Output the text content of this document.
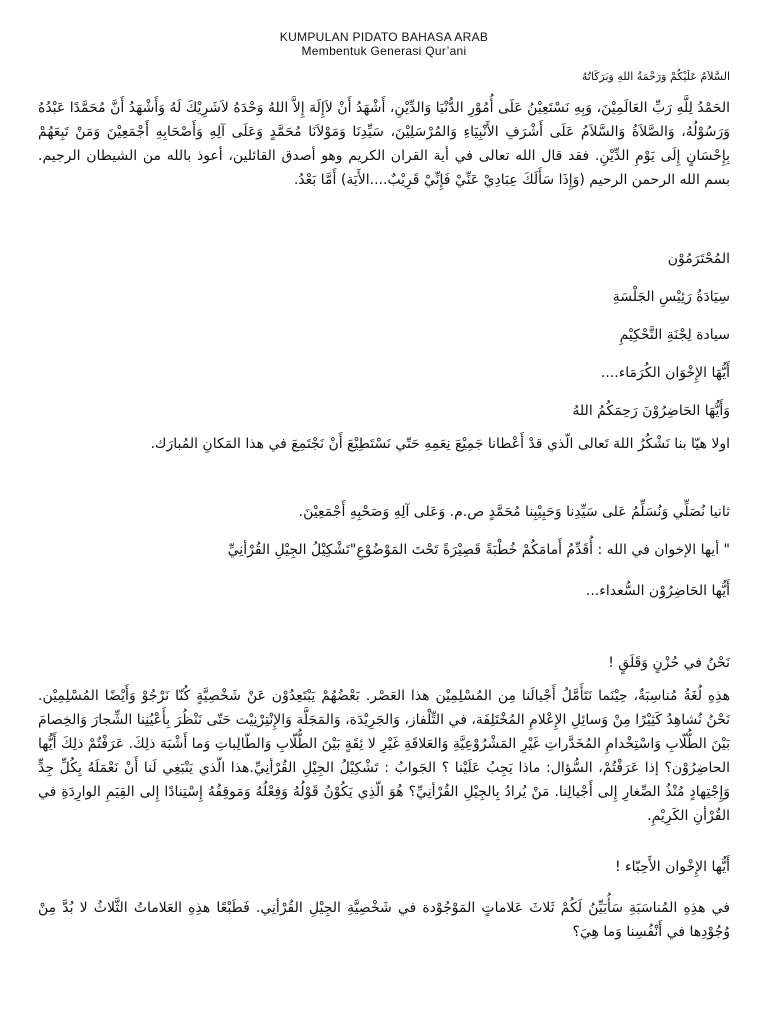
KUMPULAN PIDATO BAHASA ARAB
Membentuk Generasi Qur’ani
السَّلاَمُ عَلَيْكُمْ وَرَحْمَةُ اللهِ وَبَرَكَاتُهُ
الحَمْدُ لِلَّهِ رَبِّ العَالَمِيْنَ، وَبِهِ نَسْتَعِيْنُ عَلَى أُمُوْرِ الدُّنْيَا وَالدِّيْنِ، أَشْهَدُ أَنْ لاَإِلَهَ إِلاَّ اللهُ وَحْدَهُ لاَشَرِيْكَ لَهُ وَأَشْهَدُ أَنَّ مُحَمَّدًا عَبْدُهُ وَرَسُوْلُهُ، وَالصَّلاَةُ وَالسَّلاَمُ عَلَى أَشْرَفِ الأَنْبِيَاءِ وَالمُرْسَلِيْنَ، سَيِّدِنَا وَمَوْلاَنَا مُحَمَّدٍ وَعَلَى آلِهِ وَأَصْحَابِهِ أَجْمَعِيْنَ وَمَنْ تَبِعَهُمْ بِإِحْسَانٍ إِلَى يَوْمِ الدِّيْنِ. فقد قال الله تعالى في أية القران الكريم وهو أصدق القائلين، أعوذ بالله من الشيطان الرجيم. بسم الله الرحمن الرحيم (وَإِذَا سَأَلَكَ عِبَادِيْ عَنِّيْ فَإِنِّيْ قَرِيْبٌ....الأَيَة) أَمَّا بَعْدُ.
المُحْتَرَمُوْن
سِيَادَةُ رَئِيْسِ الجَلْسَةِ
سيادة لِجْنَةِ التَّحْكِيْمِ
أَيُّهَا الإِخْوَان الكُرَمَاء....
وَأَيُّهَا الحَاضِرُوْنَ رَحِمَكُمُ اللهُ
اولا هيّا بنا نَشْكُرُ اللهَ تَعالى الّذي قدْ أَعْطانا جَمِيْعَ نِعَمِهِ حَتّي نَسْتَطِيْعَ أَنْ نَجْتَمِعَ في هذا المَكانِ المُبارَك.
ثانيا نُصَلِّي وَنُسَلِّمُ عَلى سَيِّدِنا وَحَبِيْبِنا مُحَمَّدٍ ص.م. وَعَلى آلِهِ وَصَحْبِهِ أَجْمَعِيْنَ.
" أيها الإخوان في الله : أُقَدِّمُ أَمامَكُمْ خُطْبَةً قَصِيْرَةً تَحْتَ المَوْضُوْعِ"تَشْكِيْلُ الجِيْلِ القُرْأنِيِّ
أَيُّها الحَاضِرُوْن السُّعداء...
نَحْنُ في حُزْنٍ وَقَلَقٍ !
هذِهِ لُغَةُ مُناسِبَةٌ، حِيْنَما نَتَأَمَّلُ أَجْيالَنا مِن المُسْلِمِيْن هذا العَصْر. بَعْضُهُمْ يَبْتَعِدُوْن عَنْ شَخْصِيَّةٍ كُنّا نَرْجُوْ وَأَيْضًا المُسْلِمِيْن. نَحْنُ نُشاهِدُ كَثِيْرًا مِنْ وَسائِلِ الإِعْلامِ المُخْتَلِفَة، في التِّلْفاز، وَالجَرِيْدَة، وَالمَجَلَّة وَالإِنْتِرْنِيْت حَتّى نَنْظُرَ بِأَعْيُنِنا الشِّجارَ وَالخِصامَ بَيْنَ الطُّلّابِ وَاسْتِخْدامِ المُخَدَّراتِ غَيْرِ المَشْرُوْعِيَّةِ وَالعَلاقَةِ غَيْرِ لا ئِقَةٍ بَيْنَ الطُّلّابِ وَالطّالِباتِ وَما أَشْبَهَ ذلِكَ. عَرَفْتُمْ ذلِكَ أَيُّها الحاضِرُوْن؟ إذا عَرَفْتُمْ، السُّؤال: ماذا يَجِبُ عَلَيْنا ؟ الجَوابُ : تَشْكِيْلُ الجِيْلِ القُرْأنِيِّ.هذا الّذي يَنْبَغِي لَنا أَنْ نَعْمَلَهُ بِكُلِّ جِدٍّ وَإِجْتِهادٍ مُنْذُ الصِّغارِ إِلى أَجْيالِنا. مَنْ يُرادُ بِالجِيْلِ القُرْأنِيِّ؟ هُوَ الّذِي يَكُوْنُ قَوْلُهُ وَفِعْلُهُ وَمَوقِفُهُ إِسْتِنادًا إِلى القِيَمِ الوارِدَةِ في القُرْأنِ الكَرِيْمِ.
أَيُّها الإِخْوان الأَحِبّاء !
في هذِهِ المُناسَبَةِ سَأُبَيِّنُ لَكُمْ ثَلاثَ عَلاماتٍ المَوْجُوْدة في شَخْصِيَّةِ الجِيْلِ القُرْأنِي. فَطَبْعًا هذِهِ العَلاماتُ الثَّلاثُ لا بُدَّ مِنْ وُجُوْدِها في أَنْفُسِنا وَما هِيَ؟
